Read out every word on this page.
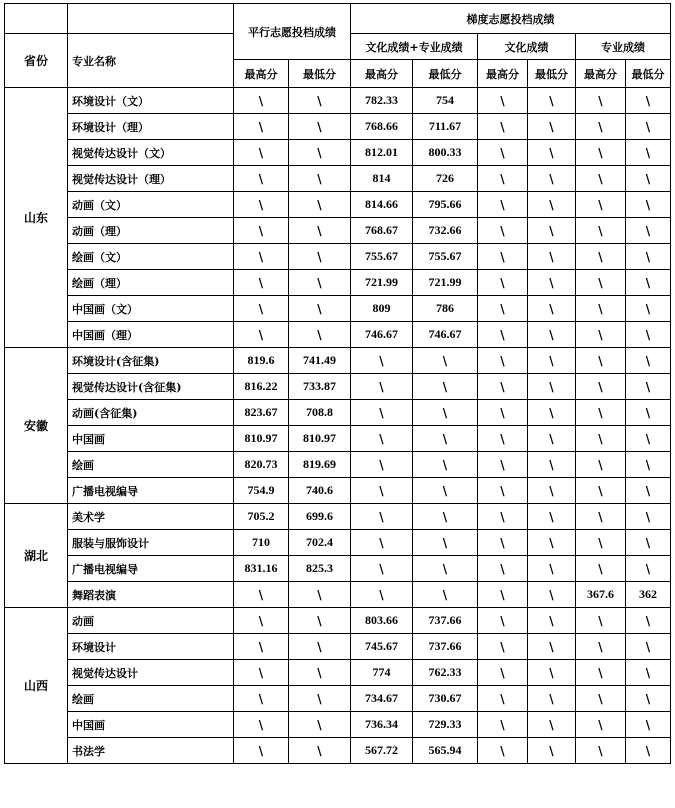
		平行志愿投档成绩		梯度志愿投档成绩					
省份	专业名称			文化成绩+专业成绩		文化成绩		专业成绩	
		最高分	最低分	最高分	最低分	最高分	最低分	最高分	最低分
山东	环境设计（文）	\	\	782.33	754	\	\	\	\
	环境设计（理）	\	\	768.66	711.67	\	\	\	\
	视觉传达设计（文）	\	\	812.01	800.33	\	\	\	\
	视觉传达设计（理）	\	\	814	726	\	\	\	\
	动画（文）	\	\	814.66	795.66	\	\	\	\
	动画（理）	\	\	768.67	732.66	\	\	\	\
	绘画（文）	\	\	755.67	755.67	\	\	\	\
	绘画（理）	\	\	721.99	721.99	\	\	\	\
	中国画（文）	\	\	809	786	\	\	\	\
	中国画（理）	\	\	746.67	746.67	\	\	\	\
安徽	环境设计(含征集)	819.6	741.49	\	\	\	\	\	\
	视觉传达设计(含征集)	816.22	733.87	\	\	\	\	\	\
	动画(含征集)	823.67	708.8	\	\	\	\	\	\
	中国画	810.97	810.97	\	\	\	\	\	\
	绘画	820.73	819.69	\	\	\	\	\	\
	广播电视编导	754.9	740.6	\	\	\	\	\	\
湖北	美术学	705.2	699.6	\	\	\	\	\	\
	服装与服饰设计	710	702.4	\	\	\	\	\	\
	广播电视编导	831.16	825.3	\	\	\	\	\	\
	舞蹈表演	\	\	\	\	\	\	367.6	362
山西	动画	\	\	803.66	737.66	\	\	\	\
	环境设计	\	\	745.67	737.66	\	\	\	\
	视觉传达设计	\	\	774	762.33	\	\	\	\
	绘画	\	\	734.67	730.67	\	\	\	\
	中国画	\	\	736.34	729.33	\	\	\	\
	书法学	\	\	567.72	565.94	\	\	\	\
